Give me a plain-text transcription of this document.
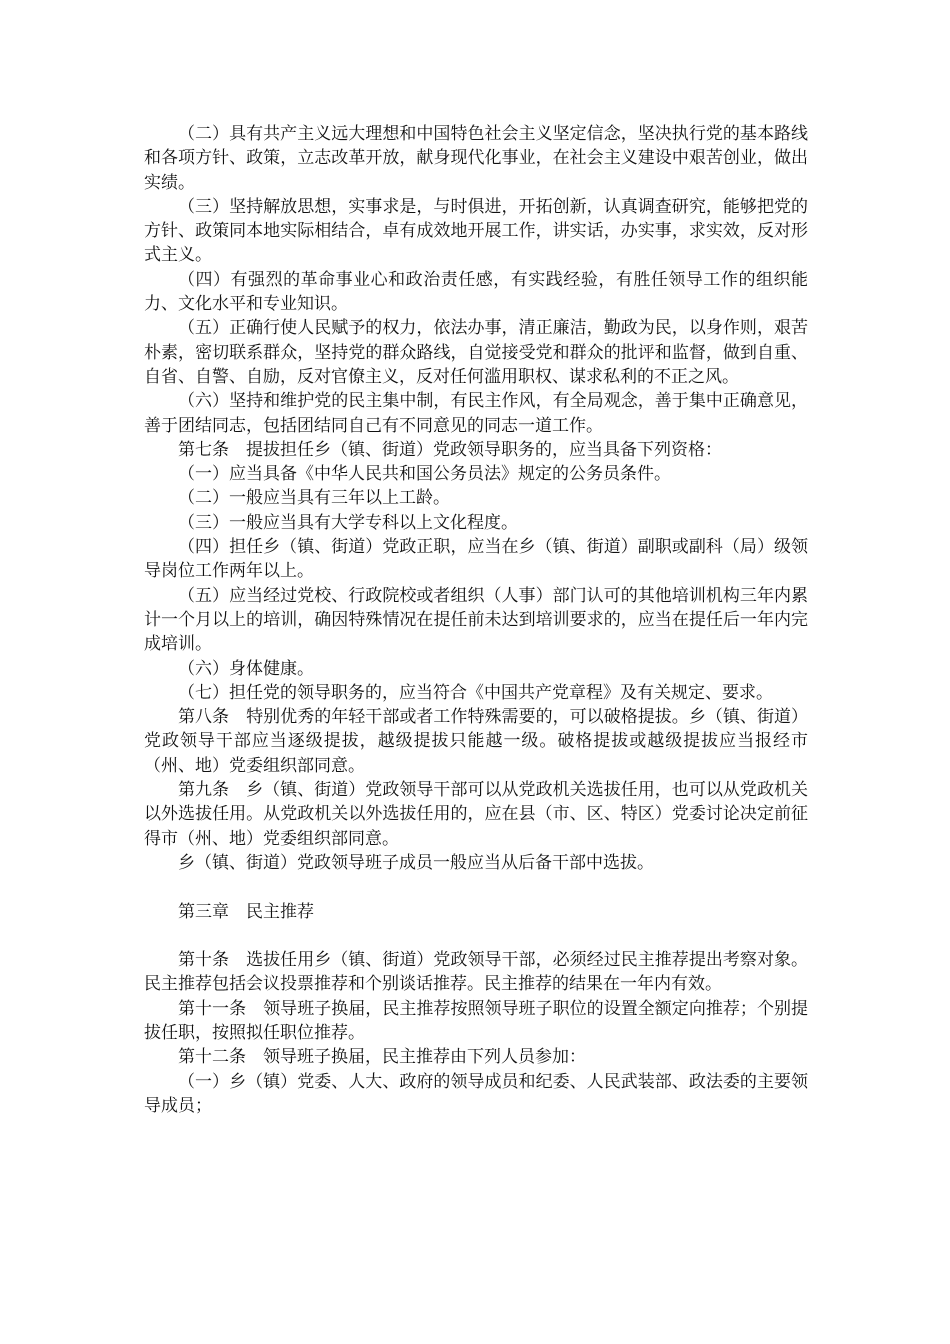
（二）具有共产主义远大理想和中国特色社会主义坚定信念，坚决执行党的基本路线和各项方针、政策，立志改革开放，献身现代化事业，在社会主义建设中艰苦创业，做出实绩。

（三）坚持解放思想，实事求是，与时俱进，开拓创新，认真调查研究，能够把党的方针、政策同本地实际相结合，卓有成效地开展工作，讲实话，办实事，求实效，反对形式主义。

（四）有强烈的革命事业心和政治责任感，有实践经验，有胜任领导工作的组织能力、文化水平和专业知识。

（五）正确行使人民赋予的权力，依法办事，清正廉洁，勤政为民，以身作则，艰苦朴素，密切联系群众，坚持党的群众路线，自觉接受党和群众的批评和监督，做到自重、自省、自警、自励，反对官僚主义，反对任何滥用职权、谋求私利的不正之风。

（六）坚持和维护党的民主集中制，有民主作风，有全局观念，善于集中正确意见，善于团结同志，包括团结同自己有不同意见的同志一道工作。

第七条　提拔担任乡（镇、街道）党政领导职务的，应当具备下列资格：

（一）应当具备《中华人民共和国公务员法》规定的公务员条件。

（二）一般应当具有三年以上工龄。

（三）一般应当具有大学专科以上文化程度。

（四）担任乡（镇、街道）党政正职，应当在乡（镇、街道）副职或副科（局）级领导岗位工作两年以上。

（五）应当经过党校、行政院校或者组织（人事）部门认可的其他培训机构三年内累计一个月以上的培训，确因特殊情况在提任前未达到培训要求的，应当在提任后一年内完成培训。

（六）身体健康。

（七）担任党的领导职务的，应当符合《中国共产党章程》及有关规定、要求。

第八条　特别优秀的年轻干部或者工作特殊需要的，可以破格提拔。乡（镇、街道）党政领导干部应当逐级提拔，越级提拔只能越一级。破格提拔或越级提拔应当报经市（州、地）党委组织部同意。

第九条　乡（镇、街道）党政领导干部可以从党政机关选拔任用，也可以从党政机关以外选拔任用。从党政机关以外选拔任用的，应在县（市、区、特区）党委讨论决定前征得市（州、地）党委组织部同意。

乡（镇、街道）党政领导班子成员一般应当从后备干部中选拔。

第三章　民主推荐

第十条　选拔任用乡（镇、街道）党政领导干部，必须经过民主推荐提出考察对象。民主推荐包括会议投票推荐和个别谈话推荐。民主推荐的结果在一年内有效。

第十一条　领导班子换届，民主推荐按照领导班子职位的设置全额定向推荐；个别提拔任职，按照拟任职位推荐。

第十二条　领导班子换届，民主推荐由下列人员参加：

（一）乡（镇）党委、人大、政府的领导成员和纪委、人民武装部、政法委的主要领导成员；
